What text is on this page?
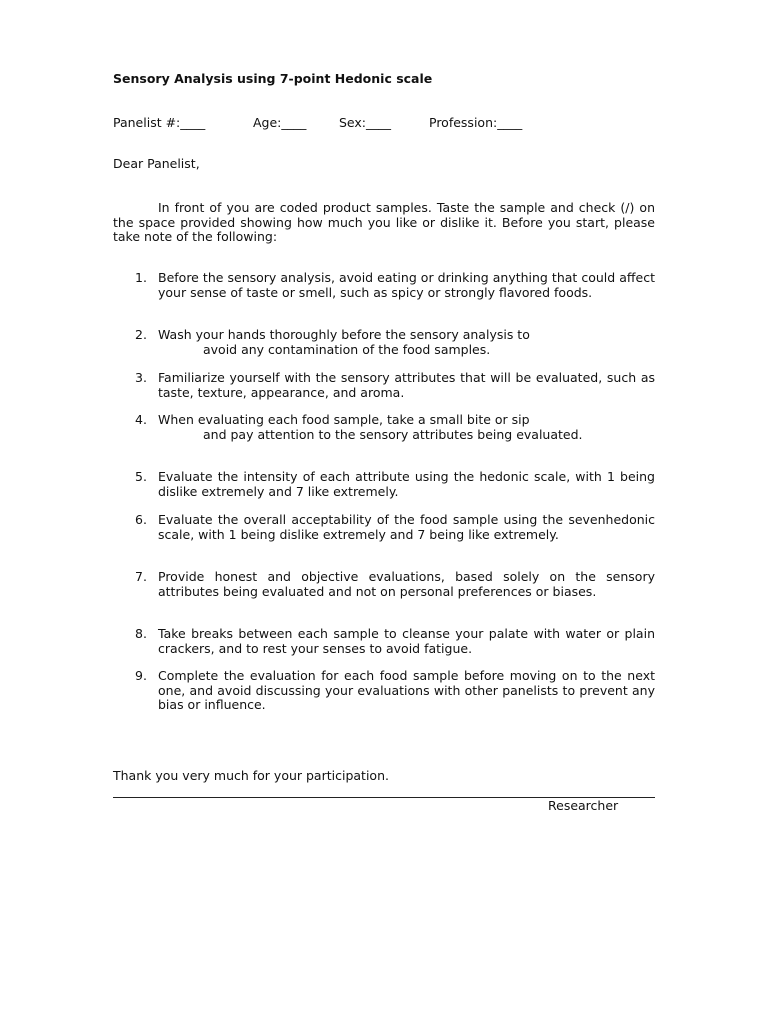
Sensory Analysis using 7-point Hedonic scale
Panelist #:____	Age:____	Sex:____	Profession:____
Dear Panelist,

In front of you are coded product samples. Taste the sample and check (/) on the space provided showing how much you like or dislike it. Before you start, please take note of the following:

1. Before the sensory analysis, avoid eating or drinking anything that could affect your sense of taste or smell, such as spicy or strongly flavored foods.
2. Wash your hands thoroughly before the sensory analysis to
avoid any contamination of the food samples.
3. Familiarize yourself with the sensory attributes that will be evaluated, such as taste, texture, appearance, and aroma.
4. When evaluating each food sample, take a small bite or sip
and pay attention to the sensory attributes being evaluated.
5. Evaluate the intensity of each attribute using the hedonic scale, with 1 being dislike extremely and 7 like extremely.
6. Evaluate the overall acceptability of the food sample using the sevenhedonic scale, with 1 being dislike extremely and 7 being like extremely.
7. Provide honest and objective evaluations, based solely on the sensory attributes being evaluated and not on personal preferences or biases.
8. Take breaks between each sample to cleanse your palate with water or plain crackers, and to rest your senses to avoid fatigue.
9. Complete the evaluation for each food sample before moving on to the next one, and avoid discussing your evaluations with other panelists to prevent any bias or influence.
Thank you very much for your participation.
Researcher
